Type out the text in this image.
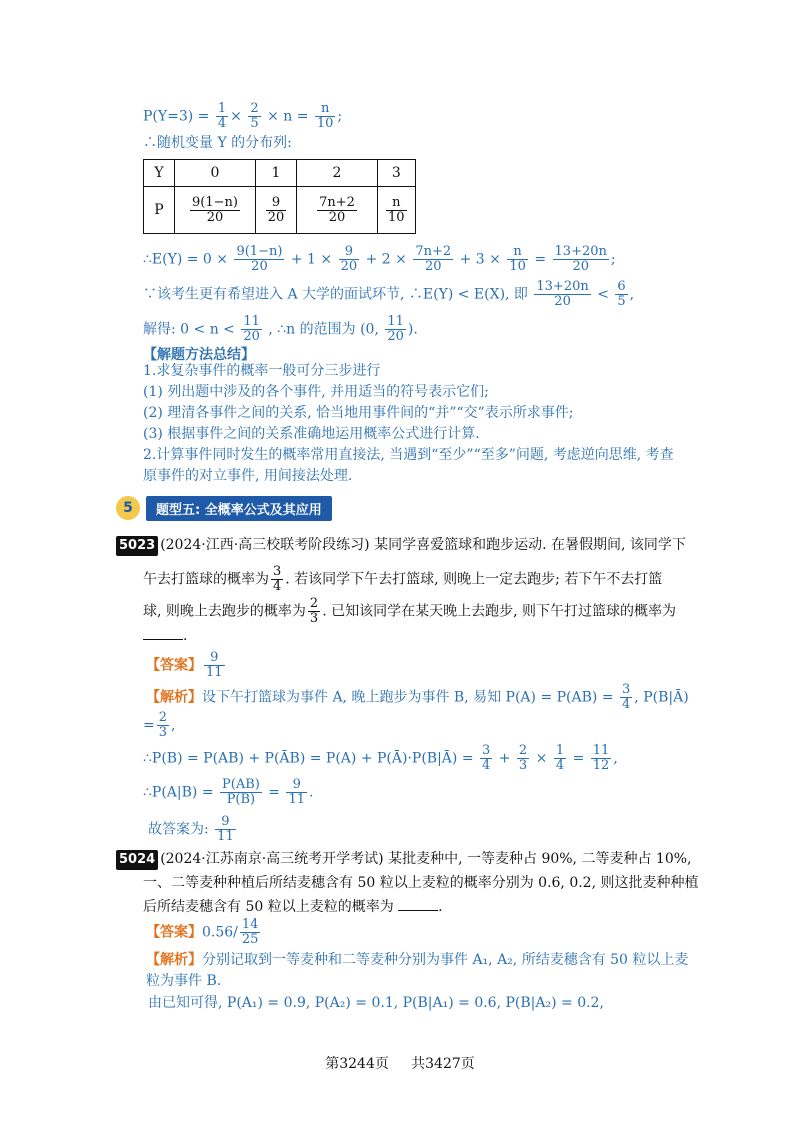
$P(Y=3) = \frac{1}{4} \times \frac{2}{5} \times n = \frac{n}{10}$ ;
∴随机变量 Y 的分布列:
Y	0	1	2	3
P	$\frac{9(1-n)}{20}$	$\frac{9}{20}$	$\frac{7n+2}{20}$	$\frac{n}{10}$
∴E(Y) = $0 \times \frac{9(1-n)}{20} + 1 \times \frac{9}{20} + 2 \times \frac{7n+2}{20} + 3 \times \frac{n}{10} = \frac{13+20n}{20}$ ;
∵该考生更有希望进入 A 大学的面试环节, ∴E(Y) < E(X), 即 $\frac{13+20n}{20} < \frac{6}{5}$ ,
解得: $0 < n < \frac{11}{20}$ , ∴n 的范围为 (0, $\frac{11}{20}$ ).
【解题方法总结】
1.求复杂事件的概率一般可分三步进行
(1) 列出题中涉及的各个事件, 并用适当的符号表示它们;
(2) 理清各事件之间的关系, 恰当地用事件间的“并”“交”表示所求事件;
(3) 根据事件之间的关系准确地运用概率公式进行计算.
2.计算事件同时发生的概率常用直接法, 当遇到“至少”“至多”问题, 考虑逆向思维, 考查
原事件的对立事件, 用间接法处理.
5	题型五: 全概率公式及其应用
5023 (2024·江西·高三校联考阶段练习) 某同学喜爱篮球和跑步运动. 在暑假期间, 该同学下
午去打篮球的概率为 $\frac{3}{4}$ . 若该同学下午去打篮球, 则晚上一定去跑步; 若下午不去打篮
球, 则晚上去跑步的概率为 $\frac{2}{3}$ . 已知该同学在某天晚上去跑步, 则下午打过篮球的概率为
.
【答案】 $\frac{9}{11}$
【解析】设下午打篮球为事件 A, 晚上跑步为事件 B, 易知 $P(A) = P(AB) = \frac{3}{4}$ , P(B|Ā)
= $\frac{2}{3}$ ,
∴P(B) = P(AB) + P(ĀB) = P(A) + P(Ā)·P(B|Ā) = $\frac{3}{4} + \frac{2}{3} \times \frac{1}{4} = \frac{11}{12}$ ,
∴P(A|B) = $\frac{P(AB)}{P(B)} = \frac{9}{11}$ .
故答案为: $\frac{9}{11}$
5024 (2024·江苏南京·高三统考开学考试) 某批麦种中, 一等麦种占 90%, 二等麦种占 10%,
一、二等麦种种植后所结麦穗含有 50 粒以上麦粒的概率分别为 0.6, 0.2, 则这批麦种种植
后所结麦穗含有 50 粒以上麦粒的概率为	.
【答案】$0.56/ \frac{14}{25}$
【解析】分别记取到一等麦种和二等麦种分别为事件 A₁, A₂, 所结麦穗含有 50 粒以上麦
粒为事件 B.
由已知可得, P(A₁) = 0.9, P(A₂) = 0.1, P(B|A₁) = 0.6, P(B|A₂) = 0.2,
第3244页 共3427页
